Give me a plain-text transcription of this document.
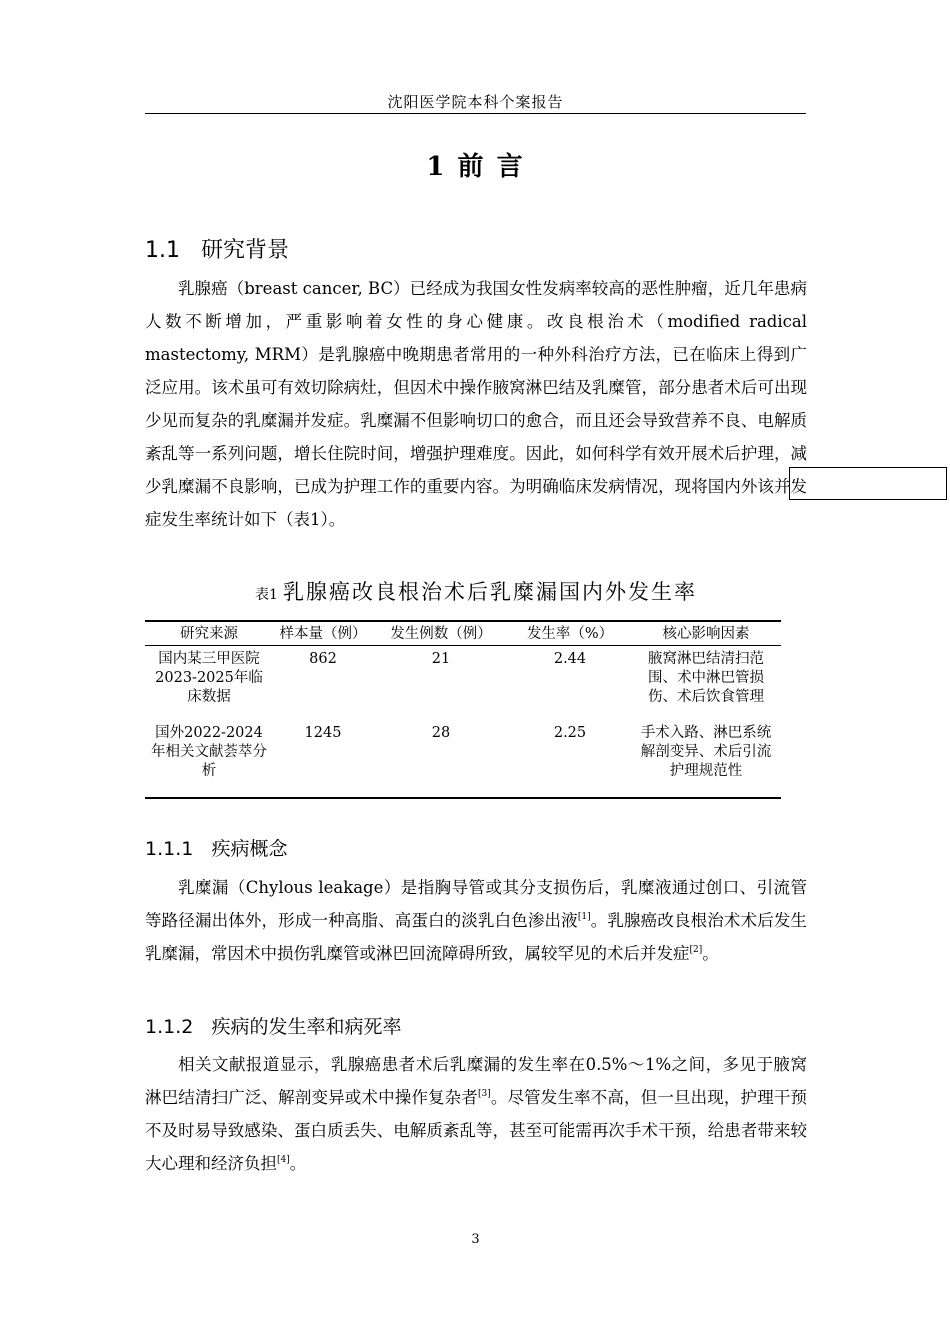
沈阳医学院本科个案报告
1 前 言
1.1   研究背景

乳腺癌（breast cancer, BC）已经成为我国女性发病率较高的恶性肿瘤，近几年患病人数不断增加，严重影响着女性的身心健康。改良根治术（modified radical mastectomy, MRM）是乳腺癌中晚期患者常用的一种外科治疗方法，已在临床上得到广泛应用。该术虽可有效切除病灶，但因术中操作腋窝淋巴结及乳糜管，部分患者术后可出现少见而复杂的乳糜漏并发症。乳糜漏不但影响切口的愈合，而且还会导致营养不良、电解质紊乱等一系列问题，增长住院时间，增强护理难度。因此，如何科学有效开展术后护理，减少乳糜漏不良影响，已成为护理工作的重要内容。为明确临床发病情况，现将国内外该并发症发生率统计如下（表1）。

表1 乳腺癌改良根治术后乳糜漏国内外发生率
研究来源	样本量（例）	发生例数（例）	发生率（%）	核心影响因素
国内某三甲医院2023-2025年临床数据	862	21	2.44	腋窝淋巴结清扫范围、术中淋巴管损伤、术后饮食管理
国外2022-2024年相关文献荟萃分析	1245	28	2.25	手术入路、淋巴系统解剖变异、术后引流护理规范性
1.1.1   疾病概念

乳糜漏（Chylous leakage）是指胸导管或其分支损伤后，乳糜液通过创口、引流管等路径漏出体外，形成一种高脂、高蛋白的淡乳白色渗出液[1]。乳腺癌改良根治术术后发生乳糜漏，常因术中损伤乳糜管或淋巴回流障碍所致，属较罕见的术后并发症[2]。

1.1.2   疾病的发生率和病死率

相关文献报道显示，乳腺癌患者术后乳糜漏的发生率在0.5%～1%之间，多见于腋窝淋巴结清扫广泛、解剖变异或术中操作复杂者[3]。尽管发生率不高，但一旦出现，护理干预不及时易导致感染、蛋白质丢失、电解质紊乱等，甚至可能需再次手术干预，给患者带来较大心理和经济负担[4]。

3
